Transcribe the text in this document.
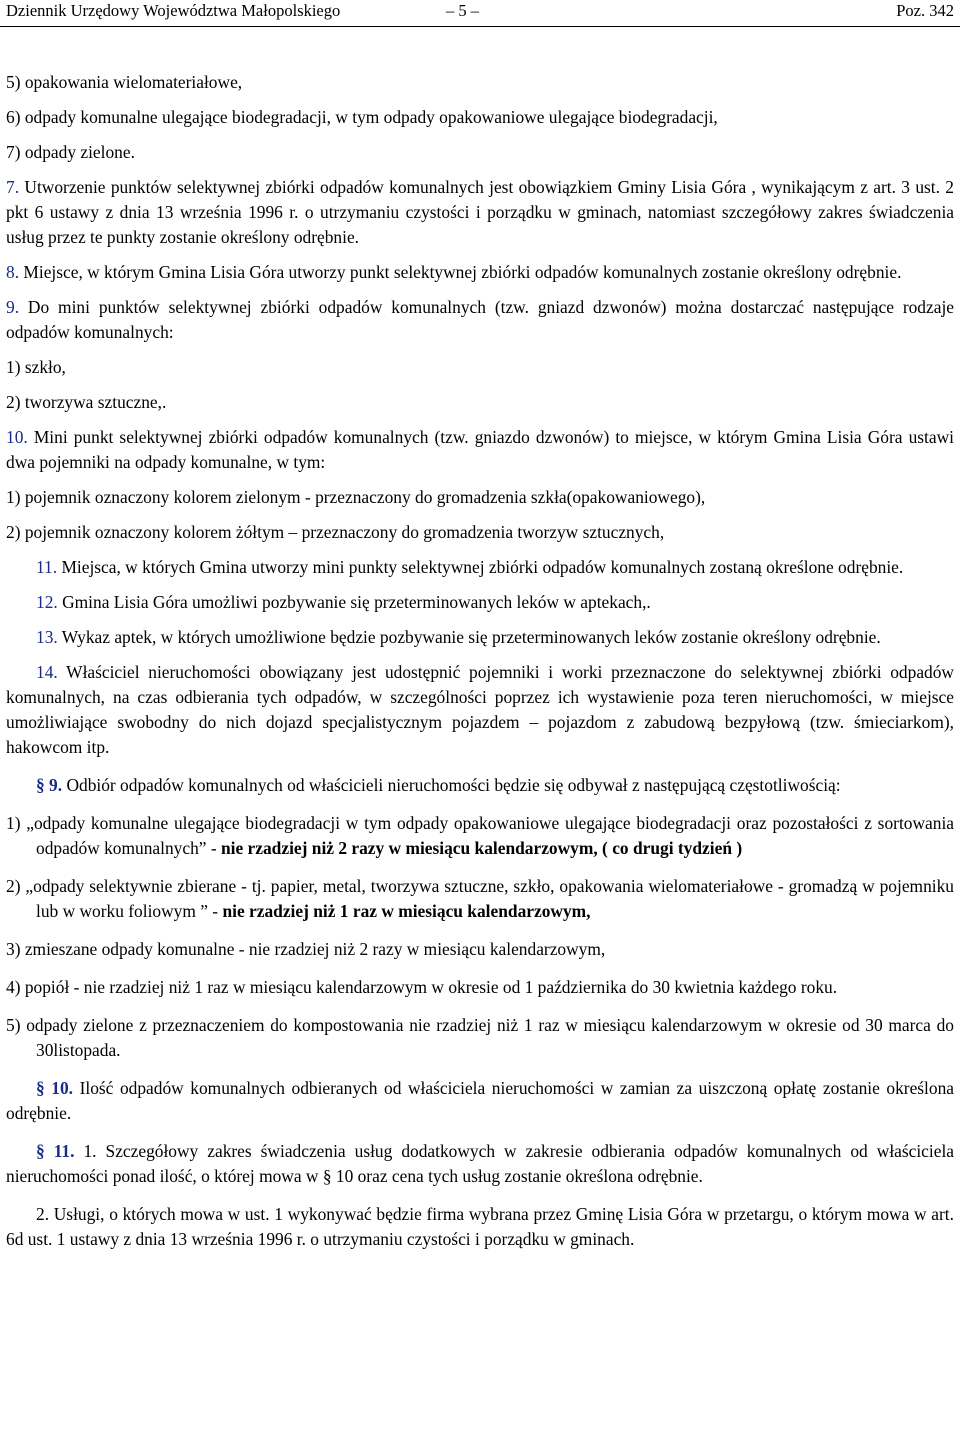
Dziennik Urzędowy Województwa Małopolskiego	– 5 –	Poz. 342

5) opakowania wielomateriałowe,

6) odpady komunalne ulegające biodegradacji, w tym odpady opakowaniowe ulegające biodegradacji,

7) odpady zielone.

7. Utworzenie punktów selektywnej zbiórki odpadów komunalnych jest obowiązkiem Gminy Lisia Góra , wynikającym z art. 3 ust. 2 pkt 6 ustawy z dnia 13 września 1996 r. o utrzymaniu czystości i porządku w gminach, natomiast szczegółowy zakres świadczenia usług przez te punkty zostanie określony odrębnie.

8. Miejsce, w którym Gmina Lisia Góra utworzy punkt selektywnej zbiórki odpadów komunalnych zostanie określony odrębnie.

9. Do mini punktów selektywnej zbiórki odpadów komunalnych (tzw. gniazd dzwonów) można dostarczać następujące rodzaje odpadów komunalnych:

1) szkło,

2) tworzywa sztuczne,.

10. Mini punkt selektywnej zbiórki odpadów komunalnych (tzw. gniazdo dzwonów) to miejsce, w którym Gmina Lisia Góra ustawi dwa pojemniki na odpady komunalne, w tym:

1) pojemnik oznaczony kolorem zielonym - przeznaczony do gromadzenia szkła(opakowaniowego),

2) pojemnik oznaczony kolorem żółtym – przeznaczony do gromadzenia tworzyw sztucznych,

11. Miejsca, w których Gmina utworzy mini punkty selektywnej zbiórki odpadów komunalnych zostaną określone odrębnie.

12. Gmina Lisia Góra umożliwi pozbywanie się przeterminowanych leków w aptekach,.

13. Wykaz aptek, w których umożliwione będzie pozbywanie się przeterminowanych leków zostanie określony odrębnie.

14. Właściciel nieruchomości obowiązany jest udostępnić pojemniki i worki przeznaczone do selektywnej zbiórki odpadów komunalnych, na czas odbierania tych odpadów, w szczególności poprzez ich wystawienie poza teren nieruchomości, w miejsce umożliwiające swobodny do nich dojazd specjalistycznym pojazdem – pojazdom z zabudową bezpyłową (tzw. śmieciarkom), hakowcom itp.

§ 9. Odbiór odpadów komunalnych od właścicieli nieruchomości będzie się odbywał z następującą częstotliwością:

1) „odpady komunalne ulegające biodegradacji w tym odpady opakowaniowe ulegające biodegradacji oraz pozostałości z sortowania odpadów komunalnych” - nie rzadziej niż 2 razy w miesiącu kalendarzowym, ( co drugi tydzień )

2) „odpady selektywnie zbierane - tj. papier, metal, tworzywa sztuczne, szkło, opakowania wielomateriałowe - gromadzą w pojemniku lub w worku foliowym ” - nie rzadziej niż 1 raz w miesiącu kalendarzowym,

3) zmieszane odpady komunalne - nie rzadziej niż 2 razy w miesiącu kalendarzowym,

4) popiół - nie rzadziej niż 1 raz w miesiącu kalendarzowym w okresie od 1 października do 30 kwietnia każdego roku.

5) odpady zielone z przeznaczeniem do kompostowania nie rzadziej niż 1 raz w miesiącu kalendarzowym w okresie od 30 marca do 30listopada.

§ 10. Ilość odpadów komunalnych odbieranych od właściciela nieruchomości w zamian za uiszczoną opłatę zostanie określona odrębnie.

§ 11. 1. Szczegółowy zakres świadczenia usług dodatkowych w zakresie odbierania odpadów komunalnych od właściciela nieruchomości ponad ilość, o której mowa w § 10 oraz cena tych usług zostanie określona odrębnie.

2. Usługi, o których mowa w ust. 1 wykonywać będzie firma wybrana przez Gminę Lisia Góra w przetargu, o którym mowa w art. 6d ust. 1 ustawy z dnia 13 września 1996 r. o utrzymaniu czystości i porządku w gminach.
